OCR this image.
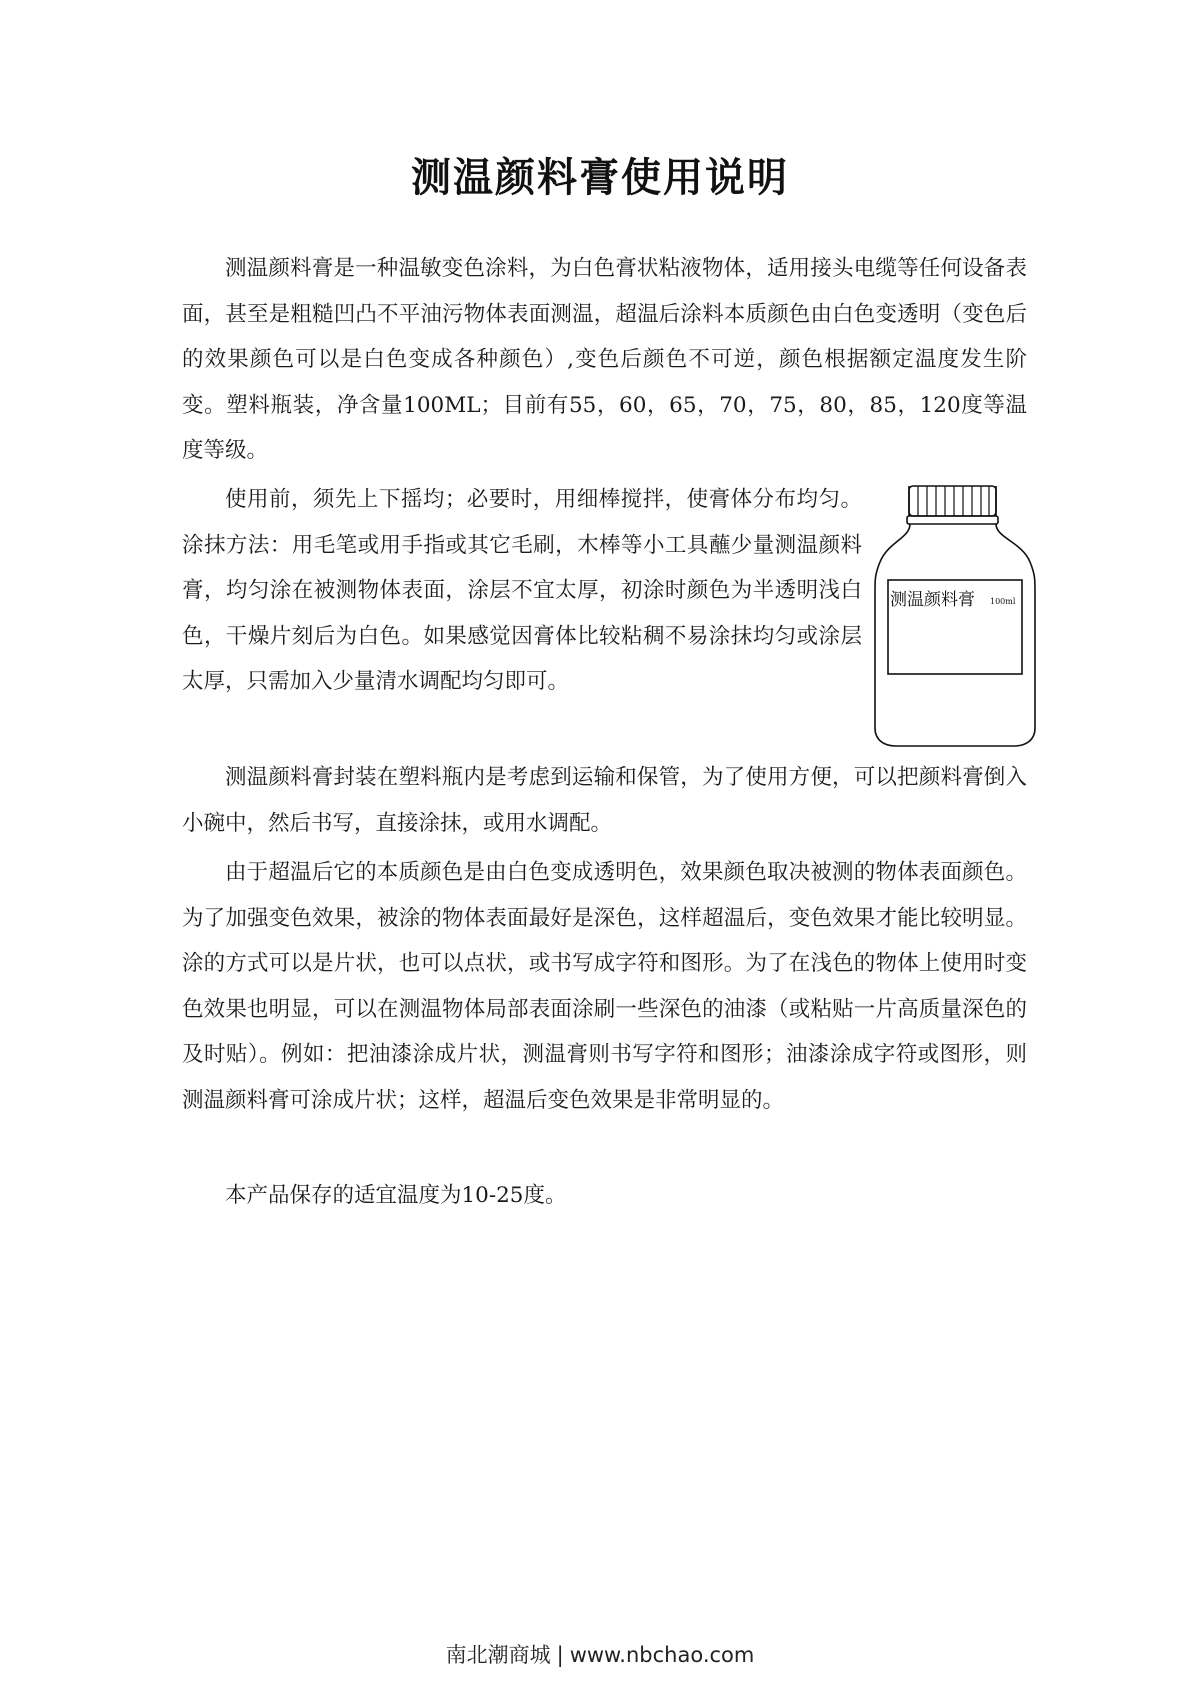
测温颜料膏使用说明

测温颜料膏是一种温敏变色涂料，为白色膏状粘液物体，适用接头电缆等任何设备表面，甚至是粗糙凹凸不平油污物体表面测温，超温后涂料本质颜色由白色变透明（变色后的效果颜色可以是白色变成各种颜色）,变色后颜色不可逆，颜色根据额定温度发生阶变。塑料瓶装，净含量100ML；目前有55，60，65，70，75，80，85，120度等温度等级。

使用前，须先上下摇均；必要时，用细棒搅拌，使膏体分布均匀。涂抹方法：用毛笔或用手指或其它毛刷，木棒等小工具蘸少量测温颜料膏，均匀涂在被测物体表面，涂层不宜太厚，初涂时颜色为半透明浅白色，干燥片刻后为白色。如果感觉因膏体比较粘稠不易涂抹均匀或涂层太厚，只需加入少量清水调配均匀即可。

测温颜料膏 100ml

测温颜料膏封装在塑料瓶内是考虑到运输和保管，为了使用方便，可以把颜料膏倒入小碗中，然后书写，直接涂抹，或用水调配。

由于超温后它的本质颜色是由白色变成透明色，效果颜色取决被测的物体表面颜色。为了加强变色效果，被涂的物体表面最好是深色，这样超温后，变色效果才能比较明显。涂的方式可以是片状，也可以点状，或书写成字符和图形。为了在浅色的物体上使用时变色效果也明显，可以在测温物体局部表面涂刷一些深色的油漆（或粘贴一片高质量深色的及时贴）。例如：把油漆涂成片状，测温膏则书写字符和图形；油漆涂成字符或图形，则测温颜料膏可涂成片状；这样，超温后变色效果是非常明显的。

本产品保存的适宜温度为10-25度。

南北潮商城 | www.nbchao.com
